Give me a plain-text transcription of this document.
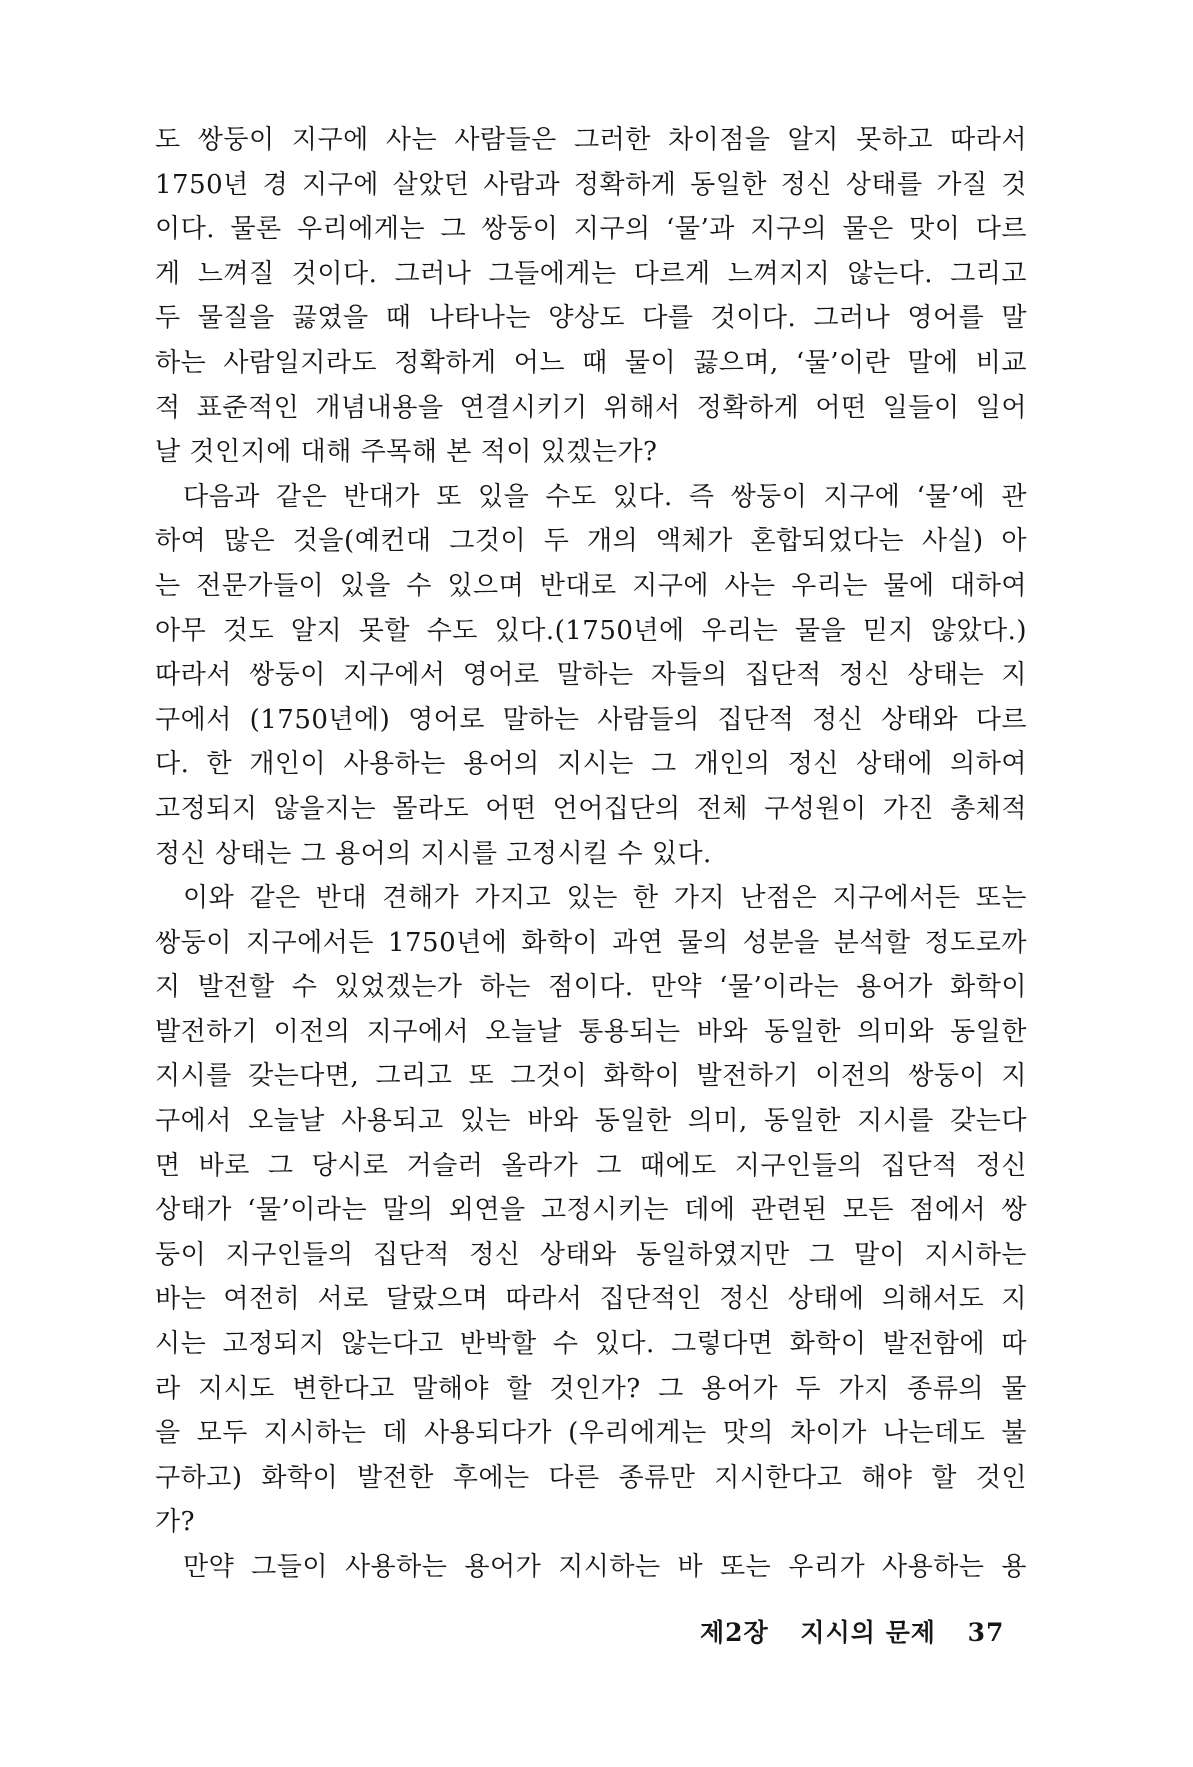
도 쌍둥이 지구에 사는 사람들은 그러한 차이점을 알지 못하고 따라서
1750년 경 지구에 살았던 사람과 정확하게 동일한 정신 상태를 가질 것
이다. 물론 우리에게는 그 쌍둥이 지구의 ‘물’과 지구의 물은 맛이 다르
게 느껴질 것이다. 그러나 그들에게는 다르게 느껴지지 않는다. 그리고
두 물질을 끓였을 때 나타나는 양상도 다를 것이다. 그러나 영어를 말
하는 사람일지라도 정확하게 어느 때 물이 끓으며, ‘물’이란 말에 비교
적 표준적인 개념내용을 연결시키기 위해서 정확하게 어떤 일들이 일어
날 것인지에 대해 주목해 본 적이 있겠는가?
다음과 같은 반대가 또 있을 수도 있다. 즉 쌍둥이 지구에 ‘물’에 관
하여 많은 것을(예컨대 그것이 두 개의 액체가 혼합되었다는 사실) 아
는 전문가들이 있을 수 있으며 반대로 지구에 사는 우리는 물에 대하여
아무 것도 알지 못할 수도 있다.(1750년에 우리는 물을 믿지 않았다.)
따라서 쌍둥이 지구에서 영어로 말하는 자들의 집단적 정신 상태는 지
구에서 (1750년에) 영어로 말하는 사람들의 집단적 정신 상태와 다르
다. 한 개인이 사용하는 용어의 지시는 그 개인의 정신 상태에 의하여
고정되지 않을지는 몰라도 어떤 언어집단의 전체 구성원이 가진 총체적
정신 상태는 그 용어의 지시를 고정시킬 수 있다.
이와 같은 반대 견해가 가지고 있는 한 가지 난점은 지구에서든 또는
쌍둥이 지구에서든 1750년에 화학이 과연 물의 성분을 분석할 정도로까
지 발전할 수 있었겠는가 하는 점이다. 만약 ‘물’이라는 용어가 화학이
발전하기 이전의 지구에서 오늘날 통용되는 바와 동일한 의미와 동일한
지시를 갖는다면, 그리고 또 그것이 화학이 발전하기 이전의 쌍둥이 지
구에서 오늘날 사용되고 있는 바와 동일한 의미, 동일한 지시를 갖는다
면 바로 그 당시로 거슬러 올라가 그 때에도 지구인들의 집단적 정신
상태가 ‘물’이라는 말의 외연을 고정시키는 데에 관련된 모든 점에서 쌍
둥이 지구인들의 집단적 정신 상태와 동일하였지만 그 말이 지시하는
바는 여전히 서로 달랐으며 따라서 집단적인 정신 상태에 의해서도 지
시는 고정되지 않는다고 반박할 수 있다. 그렇다면 화학이 발전함에 따
라 지시도 변한다고 말해야 할 것인가? 그 용어가 두 가지 종류의 물
을 모두 지시하는 데 사용되다가 (우리에게는 맛의 차이가 나는데도 불
구하고) 화학이 발전한 후에는 다른 종류만 지시한다고 해야 할 것인
가?
만약 그들이 사용하는 용어가 지시하는 바 또는 우리가 사용하는 용
제2장 지시의 문제 37
